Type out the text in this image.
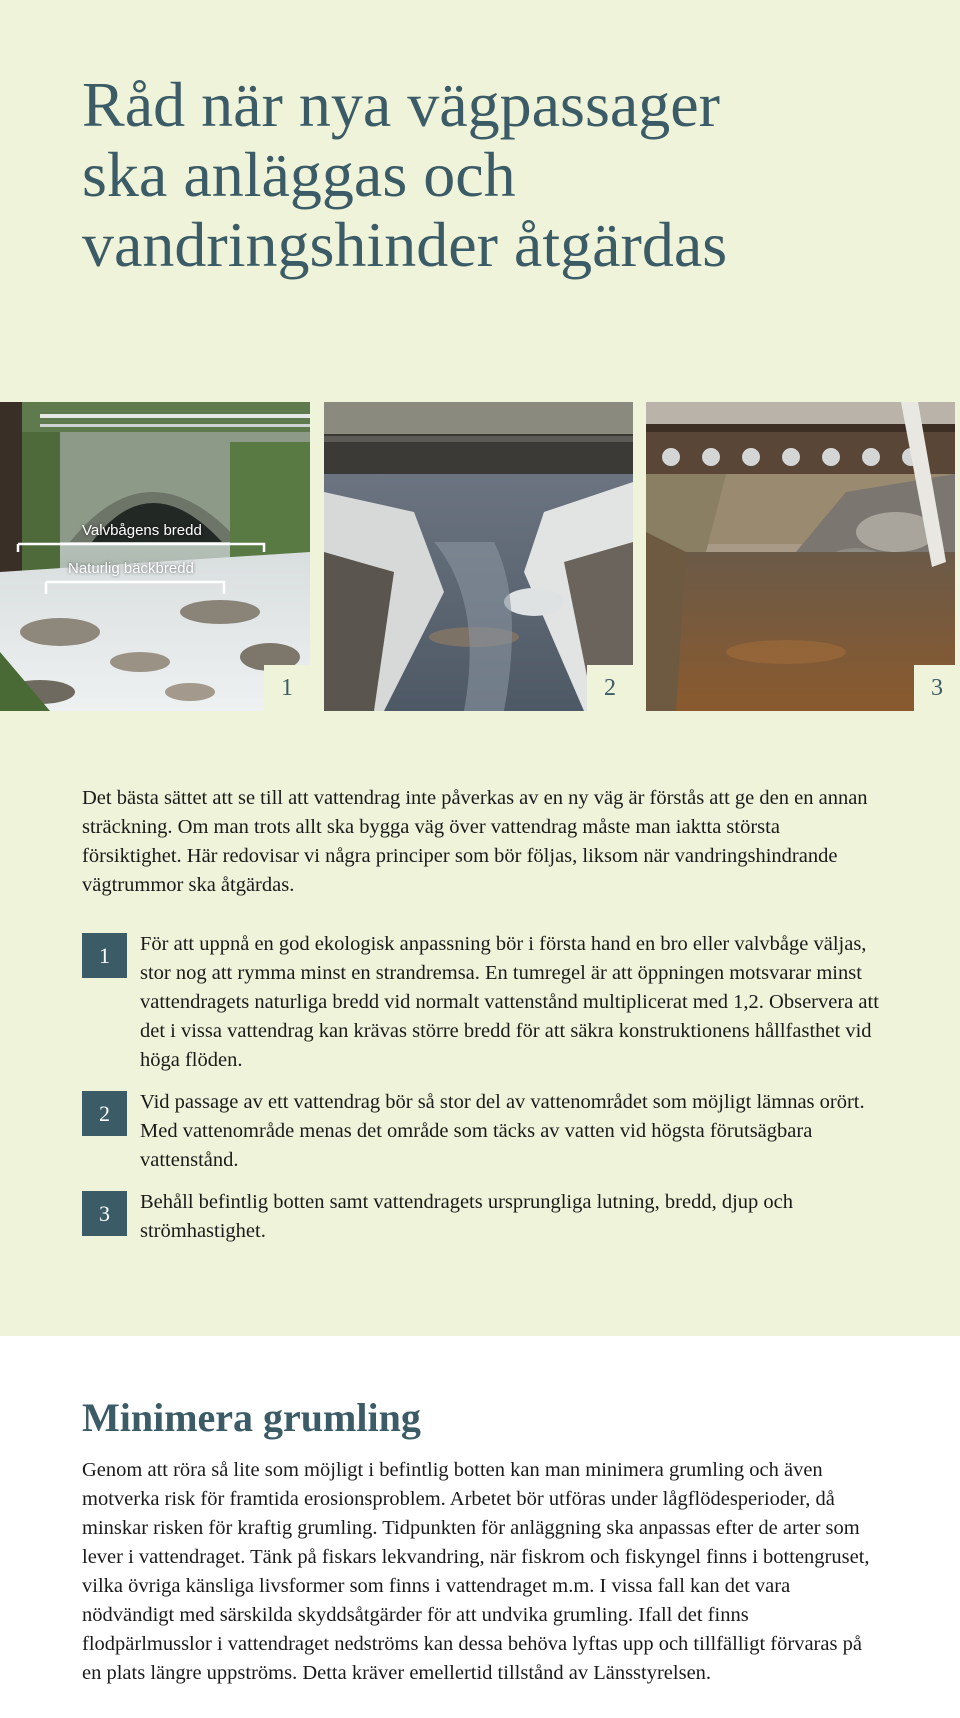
Råd när nya vägpassager
ska anläggas och
vandringshinder åtgärdas
Valvbågens bredd
Naturlig bäckbredd
1	2	3

Det bästa sättet att se till att vattendrag inte påverkas av en ny väg är förstås att ge den en annan sträckning. Om man trots allt ska bygga väg över vattendrag måste man iaktta största försiktighet. Här redovisar vi några principer som bör följas, liksom när vandringshindrande vägtrummor ska åtgärdas.

1	För att uppnå en god ekologisk anpassning bör i första hand en bro eller valvbåge väljas, stor nog att rymma minst en strandremsa. En tumregel är att öppningen motsvarar minst vattendragets naturliga bredd vid normalt vattenstånd multiplicerat med 1,2. Observera att det i vissa vattendrag kan krävas större bredd för att säkra konstruktionens hållfasthet vid höga flöden.

2	Vid passage av ett vattendrag bör så stor del av vattenområdet som möjligt lämnas orört. Med vattenområde menas det område som täcks av vatten vid högsta förutsägbara vattenstånd.

3	Behåll befintlig botten samt vattendragets ursprungliga lutning, bredd, djup och strömhastighet.

Minimera grumling

Genom att röra så lite som möjligt i befintlig botten kan man minimera grumling och även motverka risk för framtida erosionsproblem. Arbetet bör utföras under lågflödesperioder, då minskar risken för kraftig grumling. Tidpunkten för anläggning ska anpassas efter de arter som lever i vattendraget. Tänk på fiskars lekvandring, när fiskrom och fiskyngel finns i bottengruset, vilka övriga känsliga livsformer som finns i vattendraget m.m. I vissa fall kan det vara nödvändigt med särskilda skyddsåtgärder för att undvika grumling. Ifall det finns flodpärlmusslor i vattendraget nedströms kan dessa behöva lyftas upp och tillfälligt förvaras på en plats längre uppströms. Detta kräver emellertid tillstånd av Länsstyrelsen.
